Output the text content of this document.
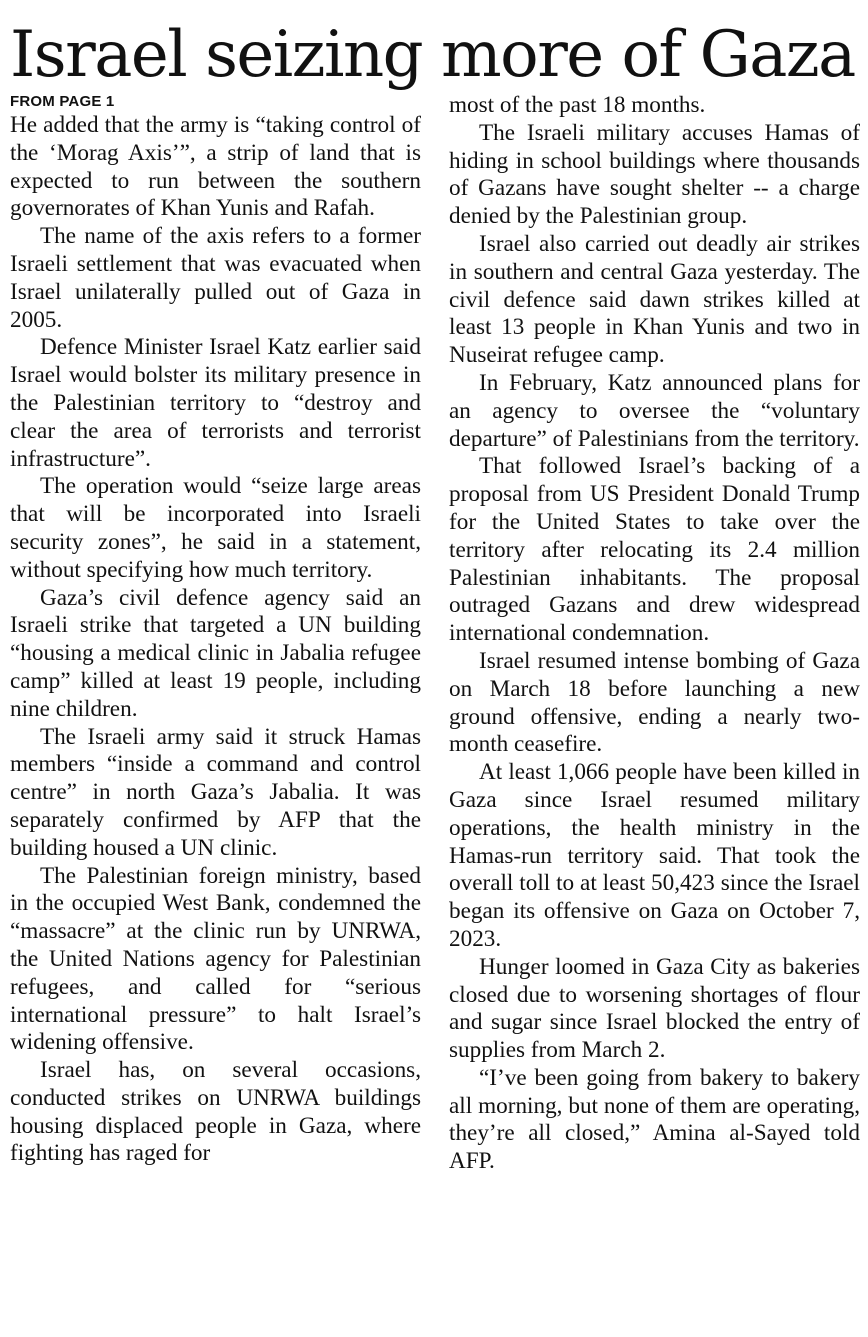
Israel seizing more of Gaza

FROM PAGE 1

He added that the army is “taking control of the ‘Morag Axis’”, a strip of land that is expected to run between the southern governorates of Khan Yunis and Rafah.

The name of the axis refers to a former Israeli settlement that was evacuated when Israel unilaterally pulled out of Gaza in 2005.

Defence Minister Israel Katz earlier said Israel would bolster its military presence in the Palestinian territory to “destroy and clear the area of terrorists and terrorist infrastructure”.

The operation would “seize large areas that will be incorporated into Israeli security zones”, he said in a statement, without specifying how much territory.

Gaza’s civil defence agency said an Israeli strike that targeted a UN building “housing a medical clinic in Jabalia refugee camp” killed at least 19 people, including nine children.

The Israeli army said it struck Hamas members “inside a command and control centre” in north Gaza’s Jabalia. It was separately confirmed by AFP that the building housed a UN clinic.

The Palestinian foreign ministry, based in the occupied West Bank, condemned the “massacre” at the clinic run by UNRWA, the United Nations agency for Palestinian refugees, and called for “serious international pressure” to halt Israel’s widening offensive.

Israel has, on several occasions, conducted strikes on UNRWA buildings housing displaced people in Gaza, where fighting has raged for

most of the past 18 months.

The Israeli military accuses Hamas of hiding in school buildings where thousands of Gazans have sought shelter -- a charge denied by the Palestinian group.

Israel also carried out deadly air strikes in southern and central Gaza yesterday. The civil defence said dawn strikes killed at least 13 people in Khan Yunis and two in Nuseirat refugee camp.

In February, Katz announced plans for an agency to oversee the “voluntary departure” of Palestinians from the territory.

That followed Israel’s backing of a proposal from US President Donald Trump for the United States to take over the territory after relocating its 2.4 million Palestinian inhabitants. The proposal outraged Gazans and drew widespread international condemnation.

Israel resumed intense bombing of Gaza on March 18 before launching a new ground offensive, ending a nearly two-month ceasefire.

At least 1,066 people have been killed in Gaza since Israel resumed military operations, the health ministry in the Hamas-run territory said. That took the overall toll to at least 50,423 since the Israel began its offensive on Gaza on October 7, 2023.

Hunger loomed in Gaza City as bakeries closed due to worsening shortages of flour and sugar since Israel blocked the entry of supplies from March 2.

“I’ve been going from bakery to bakery all morning, but none of them are operating, they’re all closed,” Amina al-Sayed told AFP.
